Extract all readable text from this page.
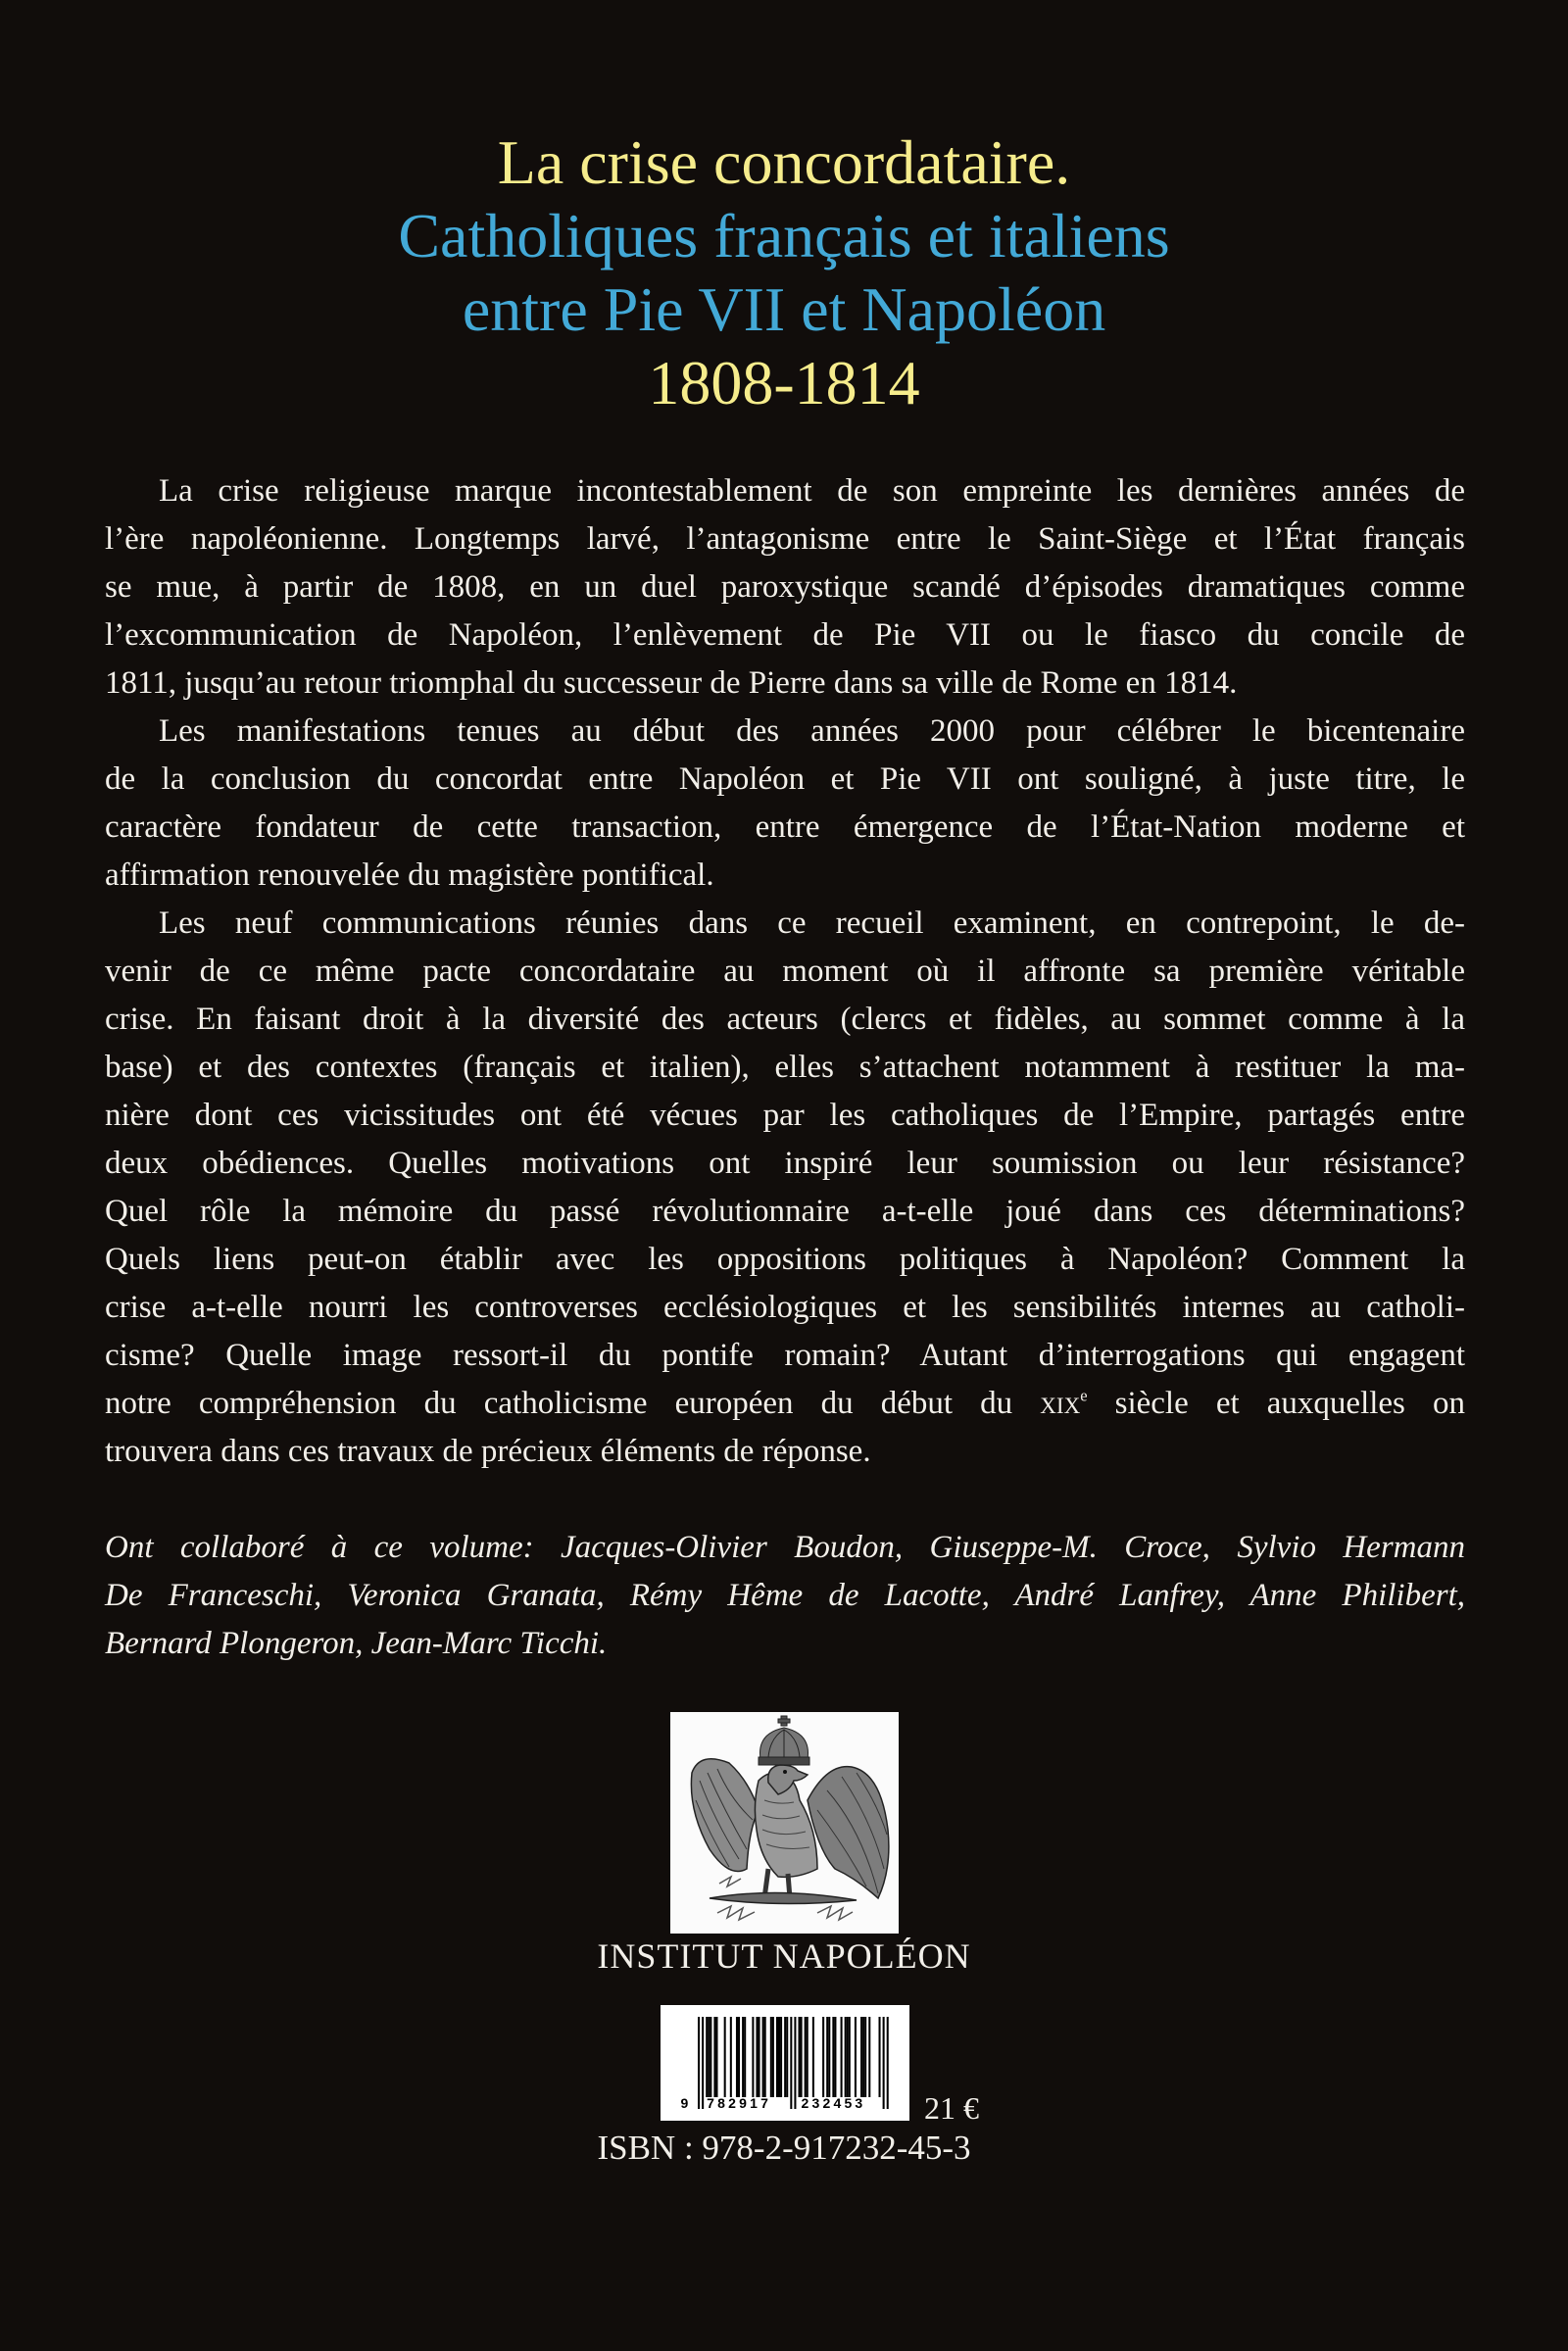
La crise concordataire.
Catholiques français et italiens
entre Pie VII et Napoléon
1808-1814
La crise religieuse marque incontestablement de son empreinte les dernières années de
l’ère napoléonienne. Longtemps larvé, l’antagonisme entre le Saint-Siège et l’État français
se mue, à partir de 1808, en un duel paroxystique scandé d’épisodes dramatiques comme
l’excommunication de Napoléon, l’enlèvement de Pie VII ou le fiasco du concile de
1811, jusqu’au retour triomphal du successeur de Pierre dans sa ville de Rome en 1814.
Les manifestations tenues au début des années 2000 pour célébrer le bicentenaire
de la conclusion du concordat entre Napoléon et Pie VII ont souligné, à juste titre, le
caractère fondateur de cette transaction, entre émergence de l’État-Nation moderne et
affirmation renouvelée du magistère pontifical.
Les neuf communications réunies dans ce recueil examinent, en contrepoint, le de-
venir de ce même pacte concordataire au moment où il affronte sa première véritable
crise. En faisant droit à la diversité des acteurs (clercs et fidèles, au sommet comme à la
base) et des contextes (français et italien), elles s’attachent notamment à restituer la ma-
nière dont ces vicissitudes ont été vécues par les catholiques de l’Empire, partagés entre
deux obédiences. Quelles motivations ont inspiré leur soumission ou leur résistance?
Quel rôle la mémoire du passé révolutionnaire a-t-elle joué dans ces déterminations?
Quels liens peut-on établir avec les oppositions politiques à Napoléon? Comment la
crise a-t-elle nourri les controverses ecclésiologiques et les sensibilités internes au catholi-
cisme? Quelle image ressort-il du pontife romain? Autant d’interrogations qui engagent
notre compréhension du catholicisme européen du début du xix$^e$ siècle et auxquelles on
trouvera dans ces travaux de précieux éléments de réponse.
Ont collaboré à ce volume: Jacques-Olivier Boudon, Giuseppe-M. Croce, Sylvio Hermann
De Franceschi, Veronica Granata, Rémy Hême de Lacotte, André Lanfrey, Anne Philibert,
Bernard Plongeron, Jean-Marc Ticchi.
INSTITUT NAPOLÉON
9 782917 232453 21 €
ISBN : 978-2-917232-45-3
